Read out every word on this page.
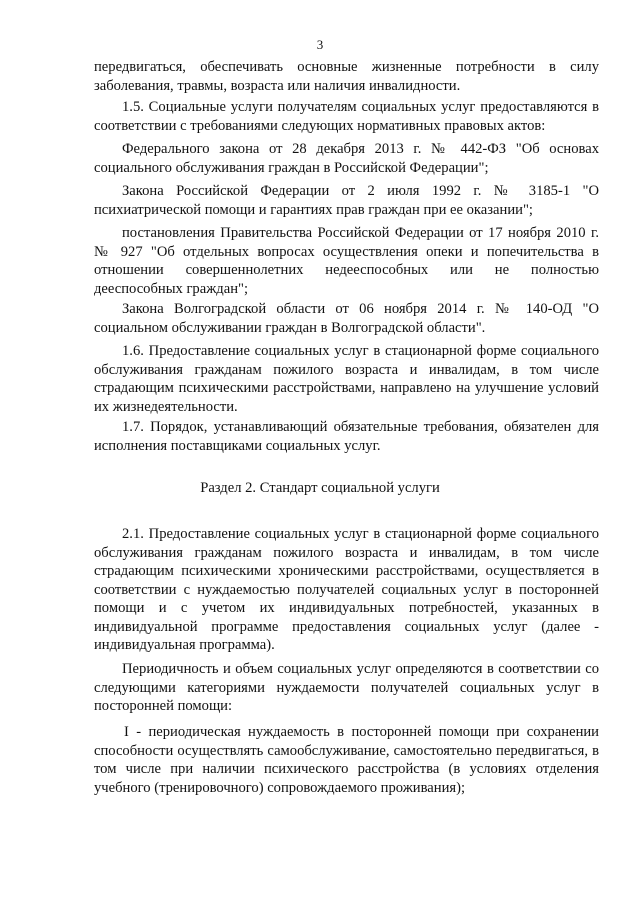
3

передвигаться, обеспечивать основные жизненные потребности в силу заболевания, травмы, возраста или наличия инвалидности.

1.5. Социальные услуги получателям социальных услуг предоставляются в соответствии с требованиями следующих нормативных правовых актов:

Федерального закона от 28 декабря 2013 г. № 442-ФЗ "Об основах социального обслуживания граждан в Российской Федерации";

Закона Российской Федерации от 2 июля 1992 г. № 3185-1 "О психиатрической помощи и гарантиях прав граждан при ее оказании";

постановления Правительства Российской Федерации от 17 ноября 2010 г. № 927 "Об отдельных вопросах осуществления опеки и попечительства в отношении совершеннолетних недееспособных или не полностью дееспособных граждан";

Закона Волгоградской области от 06 ноября 2014 г. № 140-ОД "О социальном обслуживании граждан в Волгоградской области".

1.6. Предоставление социальных услуг в стационарной форме социального обслуживания гражданам пожилого возраста и инвалидам, в том числе страдающим психическими расстройствами, направлено на улучшение условий их жизнедеятельности.

1.7. Порядок, устанавливающий обязательные требования, обязателен для исполнения поставщиками социальных услуг.

Раздел 2. Стандарт социальной услуги

2.1. Предоставление социальных услуг в стационарной форме социального обслуживания гражданам пожилого возраста и инвалидам, в том числе страдающим психическими хроническими расстройствами, осуществляется в соответствии с нуждаемостью получателей социальных услуг в посторонней помощи и с учетом их индивидуальных потребностей, указанных в индивидуальной программе предоставления социальных услуг (далее - индивидуальная программа).

Периодичность и объем социальных услуг определяются в соответствии со следующими категориями нуждаемости получателей социальных услуг в посторонней помощи:

I - периодическая нуждаемость в посторонней помощи при сохранении способности осуществлять самообслуживание, самостоятельно передвигаться, в том числе при наличии психического расстройства (в условиях отделения учебного (тренировочного) сопровождаемого проживания);
